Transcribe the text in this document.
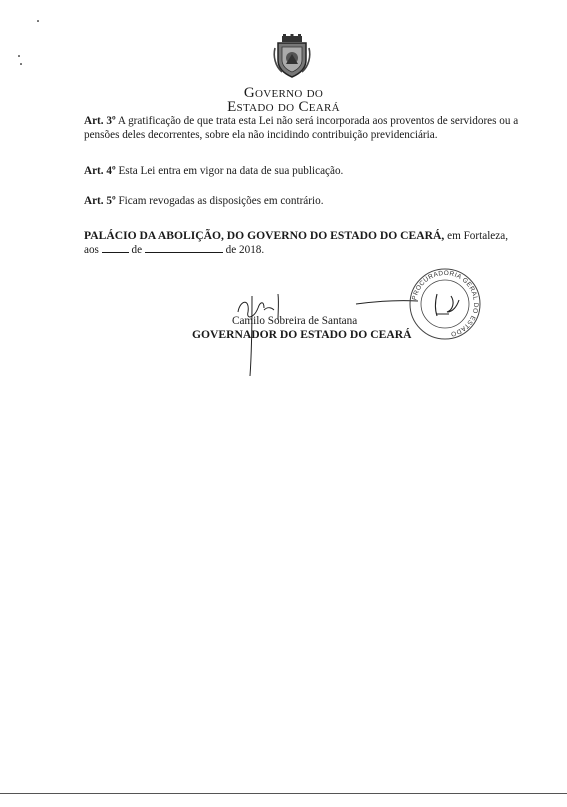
GOVERNO DO
ESTADO DO CEARÁ
Art. 3º A gratificação de que trata esta Lei não será incorporada aos proventos de servidores ou a pensões deles decorrentes, sobre ela não incidindo contribuição previdenciária.
Art. 4º Esta Lei entra em vigor na data de sua publicação.
Art. 5º Ficam revogadas as disposições em contrário.
PALÁCIO DA ABOLIÇÃO, DO GOVERNO DO ESTADO DO CEARÁ, em Fortaleza,
aos	de	de 2018.
PROCURADORIA GERAL DO ESTADO
Camilo Sobreira de Santana
GOVERNADOR DO ESTADO DO CEARÁ
